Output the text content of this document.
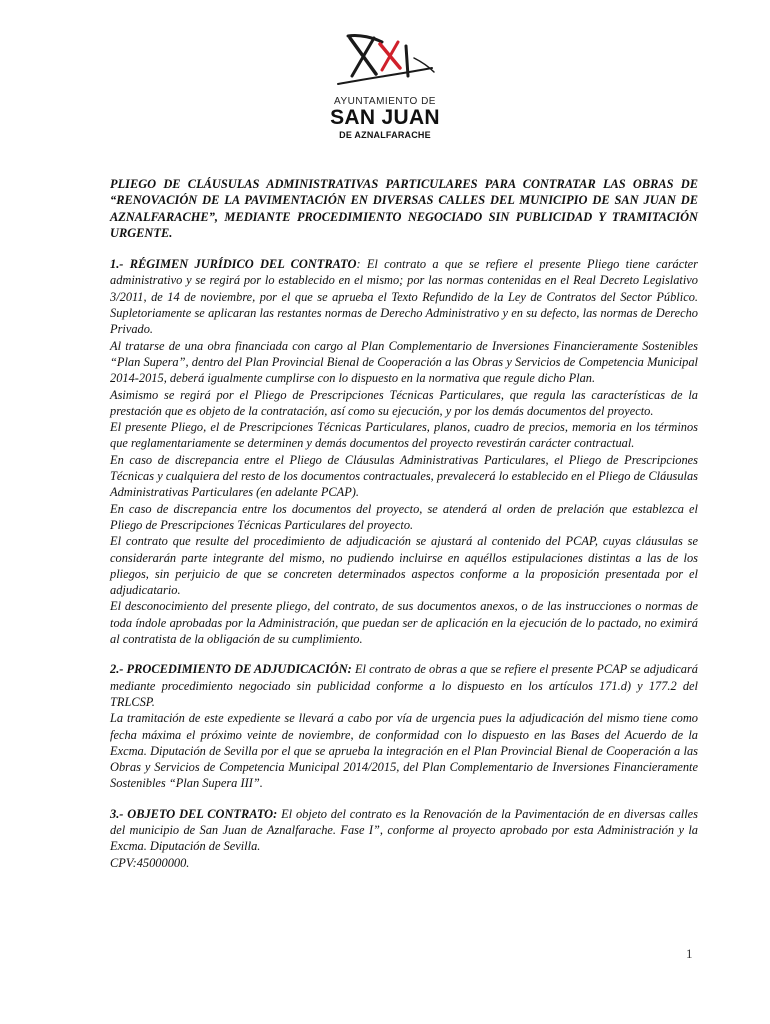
AYUNTAMIENTO DE
SAN JUAN
DE AZNALFARACHE

PLIEGO DE CLÁUSULAS ADMINISTRATIVAS PARTICULARES PARA CONTRATAR LAS OBRAS DE “RENOVACIÓN DE LA PAVIMENTACIÓN EN DIVERSAS CALLES DEL MUNICIPIO DE SAN JUAN DE AZNALFARACHE”, MEDIANTE PROCEDIMIENTO NEGOCIADO SIN PUBLICIDAD Y TRAMITACIÓN URGENTE.

1.- RÉGIMEN JURÍDICO DEL CONTRATO: El contrato a que se refiere el presente Pliego tiene carácter administrativo y se regirá por lo establecido en el mismo; por las normas contenidas en el Real Decreto Legislativo 3/2011, de 14 de noviembre, por el que se aprueba el Texto Refundido de la Ley de Contratos del Sector Público. Supletoriamente se aplicaran las restantes normas de Derecho Administrativo y en su defecto, las normas de Derecho Privado.

Al tratarse de una obra financiada con cargo al Plan Complementario de Inversiones Financieramente Sostenibles “Plan Supera”, dentro del Plan Provincial Bienal de Cooperación a las Obras y Servicios de Competencia Municipal 2014-2015, deberá igualmente cumplirse con lo dispuesto en la normativa que regule dicho Plan.

Asimismo se regirá por el Pliego de Prescripciones Técnicas Particulares, que regula las características de la prestación que es objeto de la contratación, así como su ejecución, y por los demás documentos del proyecto.

El presente Pliego, el de Prescripciones Técnicas Particulares, planos, cuadro de precios, memoria en los términos que reglamentariamente se determinen y demás documentos del proyecto revestirán carácter contractual.

En caso de discrepancia entre el Pliego de Cláusulas Administrativas Particulares, el Pliego de Prescripciones Técnicas y cualquiera del resto de los documentos contractuales, prevalecerá lo establecido en el Pliego de Cláusulas Administrativas Particulares (en adelante PCAP).

En caso de discrepancia entre los documentos del proyecto, se atenderá al orden de prelación que establezca el Pliego de Prescripciones Técnicas Particulares del proyecto.

El contrato que resulte del procedimiento de adjudicación se ajustará al contenido del PCAP, cuyas cláusulas se considerarán parte integrante del mismo, no pudiendo incluirse en aquéllos estipulaciones distintas a las de los pliegos, sin perjuicio de que se concreten determinados aspectos conforme a la proposición presentada por el adjudicatario.

El desconocimiento del presente pliego, del contrato, de sus documentos anexos, o de las instrucciones o normas de toda índole aprobadas por la Administración, que puedan ser de aplicación en la ejecución de lo pactado, no eximirá al contratista de la obligación de su cumplimiento.

2.- PROCEDIMIENTO DE ADJUDICACIÓN: El contrato de obras a que se refiere el presente PCAP se adjudicará mediante procedimiento negociado sin publicidad conforme a lo dispuesto en los artículos 171.d) y 177.2 del TRLCSP.

La tramitación de este expediente se llevará a cabo por vía de urgencia pues la adjudicación del mismo tiene como fecha máxima el próximo veinte de noviembre, de conformidad con lo dispuesto en las Bases del Acuerdo de la Excma. Diputación de Sevilla por el que se aprueba la integración en el Plan Provincial Bienal de Cooperación a las Obras y Servicios de Competencia Municipal 2014/2015, del Plan Complementario de Inversiones Financieramente Sostenibles “Plan Supera III”.

3.- OBJETO DEL CONTRATO: El objeto del contrato es la Renovación de la Pavimentación de en diversas calles del municipio de San Juan de Aznalfarache. Fase I”, conforme al proyecto aprobado por esta Administración y la Excma. Diputación de Sevilla.

CPV:45000000.

1
